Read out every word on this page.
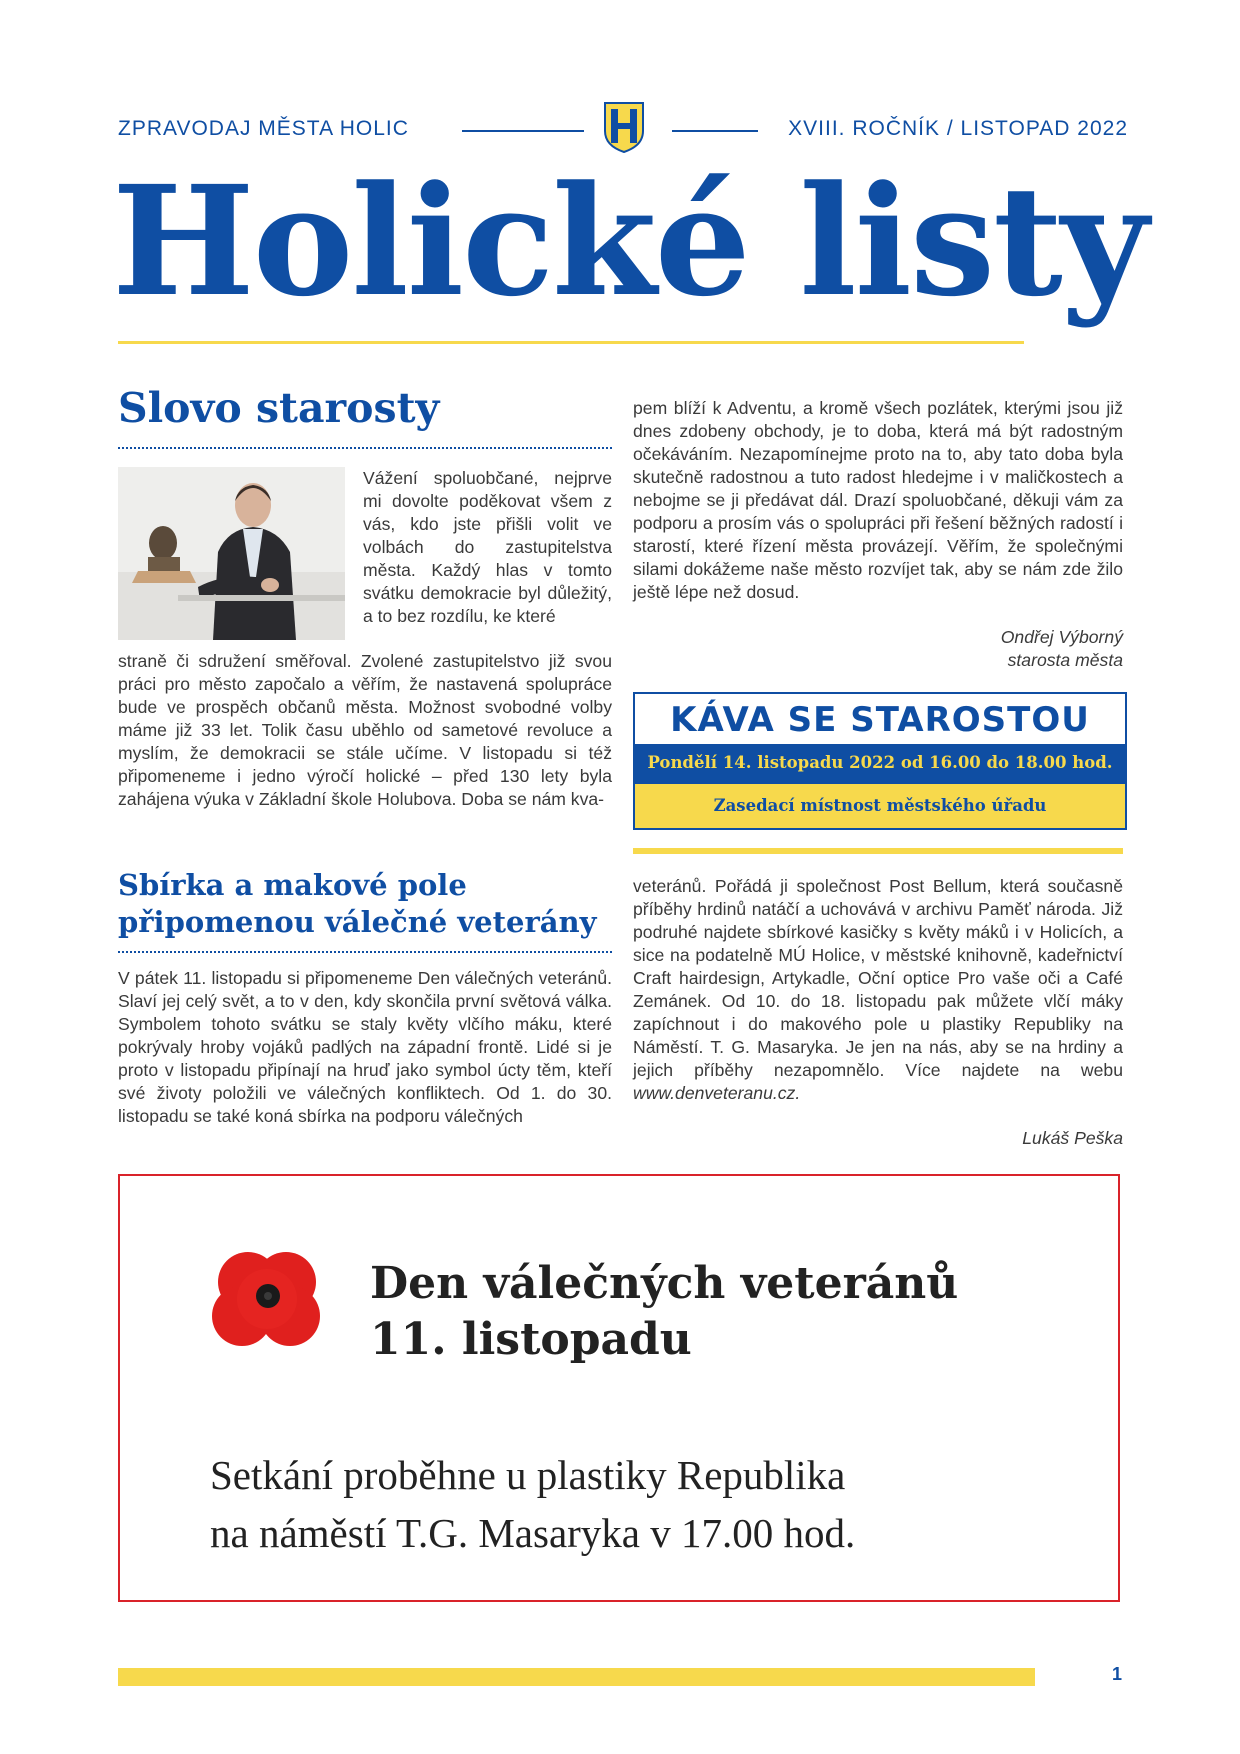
ZPRAVODAJ MĚSTA HOLIC	XVIII. ROČNÍK / LISTOPAD 2022
Holické listy
Slovo starosty
Vážení spoluobčané, nejprve mi dovolte poděkovat všem z vás, kdo jste přišli volit ve volbách do zastupitelstva města. Každý hlas v tomto svátku demokracie byl důležitý, a to bez rozdílu, ke které
straně či sdružení směřoval. Zvolené zastupitelstvo již svou práci pro město započalo a věřím, že nastavená spolupráce bude ve prospěch občanů města. Možnost svobodné volby máme již 33 let. Tolik času uběhlo od sametové revoluce a myslím, že demokracii se stále učíme. V listopadu si též připomeneme i jedno výročí holické – před 130 lety byla zahájena výuka v Základní škole Holubova. Doba se nám kva-
pem blíží k Adventu, a kromě všech pozlátek, kterými jsou již dnes zdobeny obchody, je to doba, která má být radostným očekáváním. Nezapomínejme proto na to, aby tato doba byla skutečně radostnou a tuto radost hledejme i v maličkostech a nebojme se ji předávat dál. Drazí spoluobčané, děkuji vám za podporu a prosím vás o spolupráci při řešení běžných radostí i starostí, které řízení města provázejí. Věřím, že společnými silami dokážeme naše město rozvíjet tak, aby se nám zde žilo ještě lépe než dosud.
Ondřej Výborný
starosta města
KÁVA SE STAROSTOU
Pondělí 14. listopadu 2022 od 16.00 do 18.00 hod.
Zasedací místnost městského úřadu
Sbírka a makové pole
připomenou válečné veterány
V pátek 11. listopadu si připomeneme Den válečných veteránů. Slaví jej celý svět, a to v den, kdy skončila první světová válka. Symbolem tohoto svátku se staly květy vlčího máku, které pokrývaly hroby vojáků padlých na západní frontě. Lidé si je proto v listopadu připínají na hruď jako symbol úcty těm, kteří své životy položili ve válečných konfliktech. Od 1. do 30. listopadu se také koná sbírka na podporu válečných
veteránů. Pořádá ji společnost Post Bellum, která současně příběhy hrdinů natáčí a uchovává v archivu Paměť národa. Již podruhé najdete sbírkové kasičky s květy máků i v Holicích, a sice na podatelně MÚ Holice, v městské knihovně, kadeřnictví Craft hairdesign, Artykadle, Oční optice Pro vaše oči a Café Zemánek. Od 10. do 18. listopadu pak můžete vlčí máky zapíchnout i do makového pole u plastiky Republiky na Náměstí. T. G. Masaryka. Je jen na nás, aby se na hrdiny a jejich příběhy nezapomnělo. Více najdete na webu www.denveteranu.cz.
Lukáš Peška
Den válečných veteránů
11. listopadu
Setkání proběhne u plastiky Republika
na náměstí T.G. Masaryka v 17.00 hod.
1
